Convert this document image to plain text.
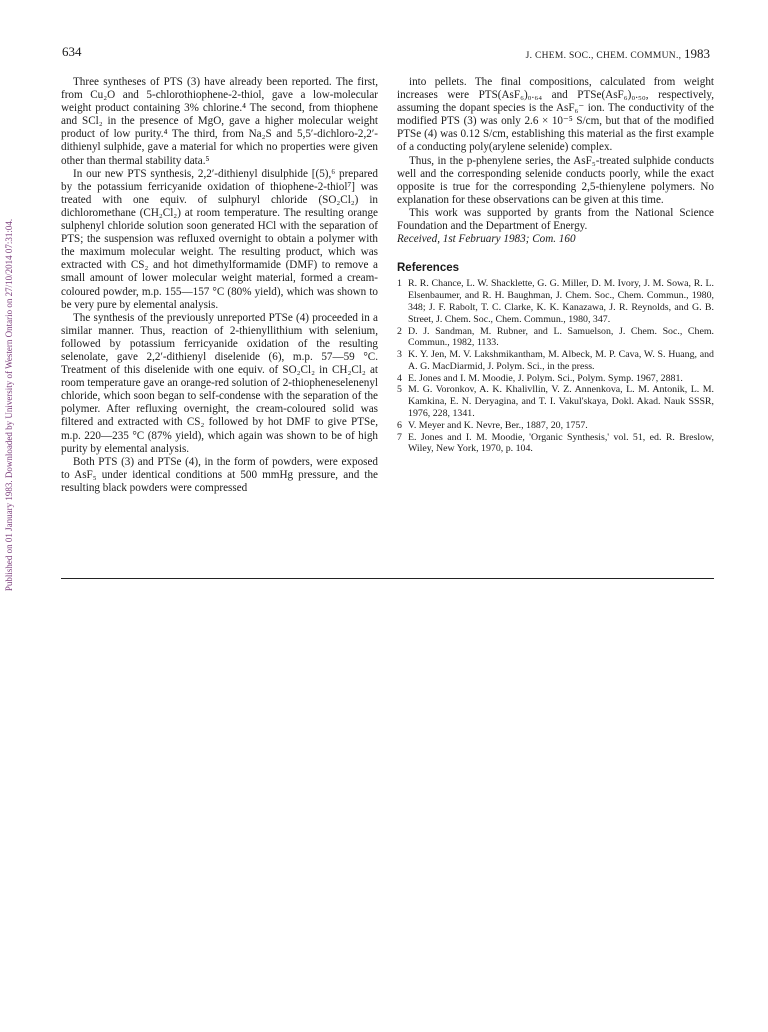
634	J. CHEM. SOC., CHEM. COMMUN., 1983
Published on 01 January 1983. Downloaded by University of Western Ontario on 27/10/2014 07:31:04.

Three syntheses of PTS (3) have already been reported. The first, from Cu₂O and 5-chlorothiophene-2-thiol, gave a low-molecular weight product containing 3% chlorine.⁴ The second, from thiophene and SCl₂ in the presence of MgO, gave a higher molecular weight product of low purity.⁴ The third, from Na₂S and 5,5′-dichloro-2,2′-dithienyl sulphide, gave a material for which no properties were given other than thermal stability data.⁵

In our new PTS synthesis, 2,2′-dithienyl disulphide [(5),⁶ prepared by the potassium ferricyanide oxidation of thiophene-2-thiol⁷] was treated with one equiv. of sulphuryl chloride (SO₂Cl₂) in dichloromethane (CH₂Cl₂) at room temperature. The resulting orange sulphenyl chloride solution soon generated HCl with the separation of PTS; the suspension was refluxed overnight to obtain a polymer with the maximum molecular weight. The resulting product, which was extracted with CS₂ and hot dimethylformamide (DMF) to remove a small amount of lower molecular weight material, formed a cream-coloured powder, m.p. 155—157 °C (80% yield), which was shown to be very pure by elemental analysis.

The synthesis of the previously unreported PTSe (4) proceeded in a similar manner. Thus, reaction of 2-thienyllithium with selenium, followed by potassium ferricyanide oxidation of the resulting selenolate, gave 2,2′-dithienyl diselenide (6), m.p. 57—59 °C. Treatment of this diselenide with one equiv. of SO₂Cl₂ in CH₂Cl₂ at room temperature gave an orange-red solution of 2-thiopheneselenenyl chloride, which soon began to self-condense with the separation of the polymer. After refluxing overnight, the cream-coloured solid was filtered and extracted with CS₂ followed by hot DMF to give PTSe, m.p. 220—235 °C (87% yield), which again was shown to be of high purity by elemental analysis.

Both PTS (3) and PTSe (4), in the form of powders, were exposed to AsF₅ under identical conditions at 500 mmHg pressure, and the resulting black powders were compressed

into pellets. The final compositions, calculated from weight increases were PTS(AsF₆)₀.₆₄ and PTSe(AsF₆)₀.₅₀, respectively, assuming the dopant species is the AsF₆⁻ ion. The conductivity of the modified PTS (3) was only 2.6 × 10⁻⁵ S/cm, but that of the modified PTSe (4) was 0.12 S/cm, establishing this material as the first example of a conducting poly(arylene selenide) complex.

Thus, in the p-phenylene series, the AsF₅-treated sulphide conducts well and the corresponding selenide conducts poorly, while the exact opposite is true for the corresponding 2,5-thienylene polymers. No explanation for these observations can be given at this time.

This work was supported by grants from the National Science Foundation and the Department of Energy.

Received, 1st February 1983; Com. 160

References
1 R. R. Chance, L. W. Shacklette, G. G. Miller, D. M. Ivory, J. M. Sowa, R. L. Elsenbaumer, and R. H. Baughman, J. Chem. Soc., Chem. Commun., 1980, 348; J. F. Rabolt, T. C. Clarke, K. K. Kanazawa, J. R. Reynolds, and G. B. Street, J. Chem. Soc., Chem. Commun., 1980, 347.
2 D. J. Sandman, M. Rubner, and L. Samuelson, J. Chem. Soc., Chem. Commun., 1982, 1133.
3 K. Y. Jen, M. V. Lakshmikantham, M. Albeck, M. P. Cava, W. S. Huang, and A. G. MacDiarmid, J. Polym. Sci., in the press.
4 E. Jones and I. M. Moodie, J. Polym. Sci., Polym. Symp. 1967, 2881.
5 M. G. Voronkov, A. K. Khalivllin, V. Z. Annenkova, L. M. Antonik, L. M. Kamkina, E. N. Deryagina, and T. I. Vakul'skaya, Dokl. Akad. Nauk SSSR, 1976, 228, 1341.
6 V. Meyer and K. Nevre, Ber., 1887, 20, 1757.
7 E. Jones and I. M. Moodie, 'Organic Synthesis,' vol. 51, ed. R. Breslow, Wiley, New York, 1970, p. 104.
